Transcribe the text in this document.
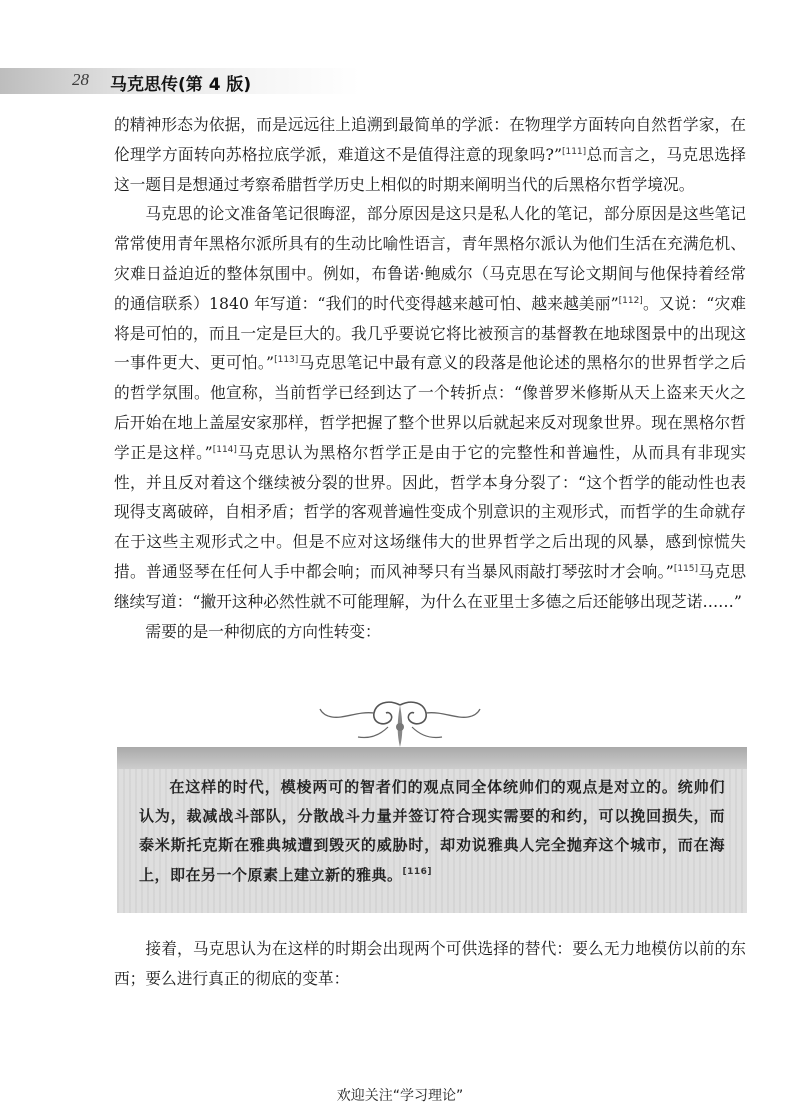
28 马克思传(第 4 版)

的精神形态为依据，而是远远往上追溯到最简单的学派：在物理学方面转向自然哲学家，在伦理学方面转向苏格拉底学派，难道这不是值得注意的现象吗?”[111]总而言之，马克思选择这一题目是想通过考察希腊哲学历史上相似的时期来阐明当代的后黑格尔哲学境况。

马克思的论文准备笔记很晦涩，部分原因是这只是私人化的笔记，部分原因是这些笔记常常使用青年黑格尔派所具有的生动比喻性语言，青年黑格尔派认为他们生活在充满危机、灾难日益迫近的整体氛围中。例如，布鲁诺·鲍威尔（马克思在写论文期间与他保持着经常的通信联系）1840 年写道：“我们的时代变得越来越可怕、越来越美丽”[112]。又说：“灾难将是可怕的，而且一定是巨大的。我几乎要说它将比被预言的基督教在地球图景中的出现这一事件更大、更可怕。”[113]马克思笔记中最有意义的段落是他论述的黑格尔的世界哲学之后的哲学氛围。他宣称，当前哲学已经到达了一个转折点：“像普罗米修斯从天上盗来天火之后开始在地上盖屋安家那样，哲学把握了整个世界以后就起来反对现象世界。现在黑格尔哲学正是这样。”[114]马克思认为黑格尔哲学正是由于它的完整性和普遍性，从而具有非现实性，并且反对着这个继续被分裂的世界。因此，哲学本身分裂了：“这个哲学的能动性也表现得支离破碎，自相矛盾；哲学的客观普遍性变成个别意识的主观形式，而哲学的生命就存在于这些主观形式之中。但是不应对这场继伟大的世界哲学之后出现的风暴，感到惊慌失措。普通竖琴在任何人手中都会响；而风神琴只有当暴风雨敲打琴弦时才会响。”[115]马克思继续写道：“撇开这种必然性就不可能理解，为什么在亚里士多德之后还能够出现芝诺……”

需要的是一种彻底的方向性转变：

在这样的时代，模棱两可的智者们的观点同全体统帅们的观点是对立的。统帅们认为，裁减战斗部队，分散战斗力量并签订符合现实需要的和约，可以挽回损失，而泰米斯托克斯在雅典城遭到毁灭的威胁时，却劝说雅典人完全抛弃这个城市，而在海上，即在另一个原素上建立新的雅典。[116]

接着，马克思认为在这样的时期会出现两个可供选择的替代：要么无力地模仿以前的东西；要么进行真正的彻底的变革：

欢迎关注“学习理论”
